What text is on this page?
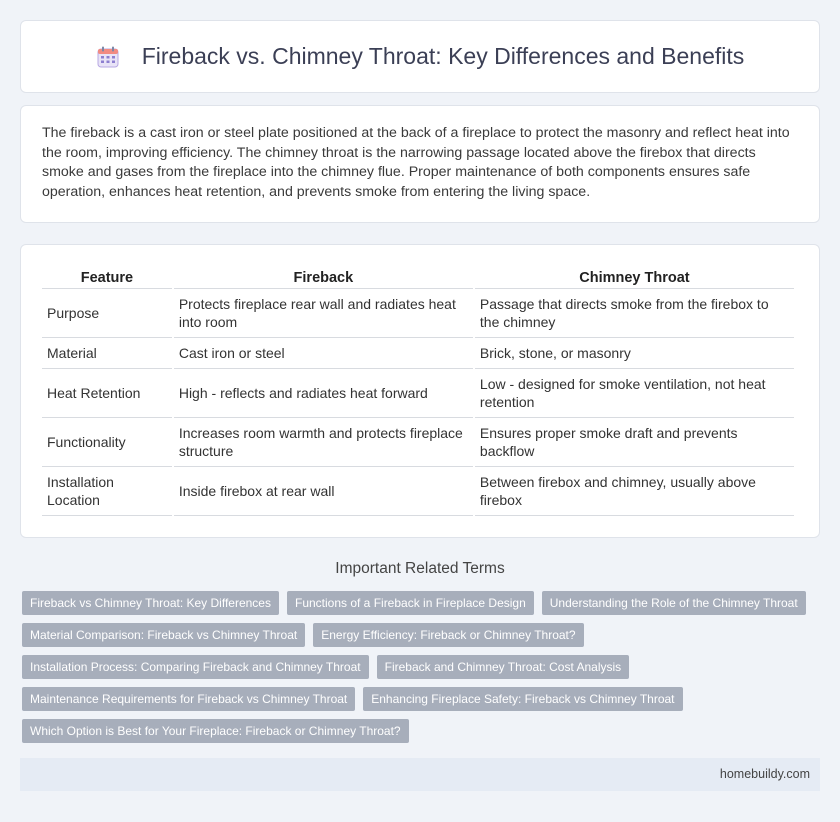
Fireback vs. Chimney Throat: Key Differences and Benefits

The fireback is a cast iron or steel plate positioned at the back of a fireplace to protect the masonry and reflect heat into the room, improving efficiency. The chimney throat is the narrowing passage located above the firebox that directs smoke and gases from the fireplace into the chimney flue. Proper maintenance of both components ensures safe operation, enhances heat retention, and prevents smoke from entering the living space.

Feature	Fireback	Chimney Throat
Purpose	Protects fireplace rear wall and radiates heat into room	Passage that directs smoke from the firebox to the chimney
Material	Cast iron or steel	Brick, stone, or masonry
Heat Retention	High - reflects and radiates heat forward	Low - designed for smoke ventilation, not heat retention
Functionality	Increases room warmth and protects fireplace structure	Ensures proper smoke draft and prevents backflow
Installation Location	Inside firebox at rear wall	Between firebox and chimney, usually above firebox
Important Related Terms
Fireback vs Chimney Throat: Key Differences	Functions of a Fireback in Fireplace Design	Understanding the Role of the Chimney Throat
Material Comparison: Fireback vs Chimney Throat	Energy Efficiency: Fireback or Chimney Throat?
Installation Process: Comparing Fireback and Chimney Throat	Fireback and Chimney Throat: Cost Analysis
Maintenance Requirements for Fireback vs Chimney Throat	Enhancing Fireplace Safety: Fireback vs Chimney Throat
Which Option is Best for Your Fireplace: Fireback or Chimney Throat?
homebuildy.com
